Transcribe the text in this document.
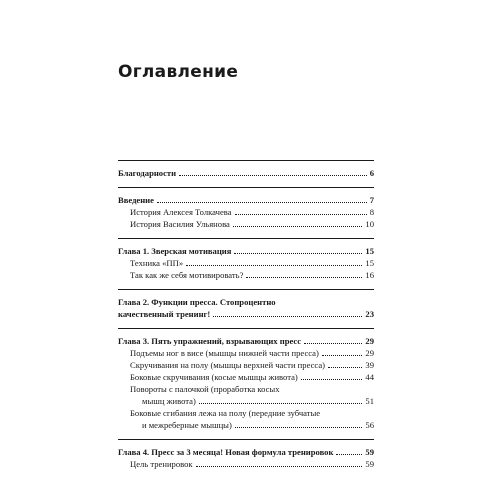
Оглавление
Благодарности	6
Введение	7
История Алексея Толкачева	8
История Василия Ульянова	10
Глава 1. Зверская мотивация	15
Техника «ПП»	15
Так как же себя мотивировать?	16
Глава 2. Функции пресса. Стопроцентно
качественный тренинг!	23
Глава 3. Пять упражнений, взрывающих пресс	29
Подъемы ног в висе (мышцы нижней части пресса)	29
Скручивания на полу (мышцы верхней части пресса)	39
Боковые скручивания (косые мышцы живота)	44
Повороты с палочкой (проработка косых
мышц живота)	51
Боковые сгибания лежа на полу (передние зубчатые
и межреберные мышцы)	56
Глава 4. Пресс за 3 месяца! Новая формула тренировок	59
Цель тренировок	59
